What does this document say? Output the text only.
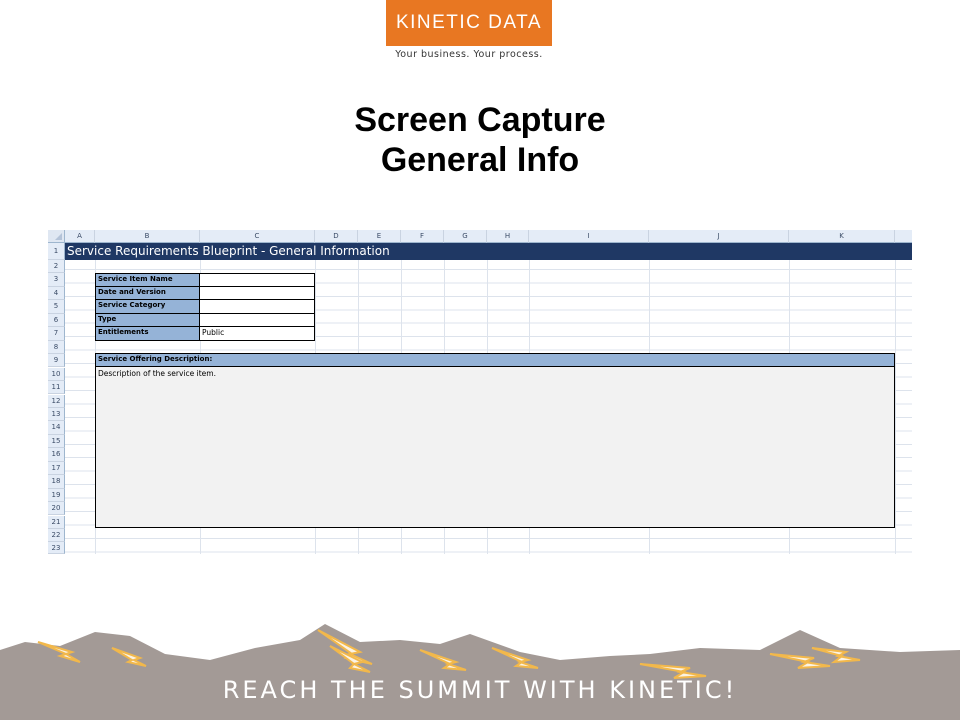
KINETIC DATA
Your business. Your process.
Screen Capture
General Info
A	B	C	D	E	F	G	H	I	J	K
1
2
3
4
5
6
7
8
9
10
11
12
13
14
15
16
17
18
19
20
21
22
23
Service Requirements Blueprint - General Information
Service Item Name
Date and Version
Service Category
Type
Entitlements	Public
Service Offering Description:
Description of the service item.
REACH THE SUMMIT WITH KINETIC!
